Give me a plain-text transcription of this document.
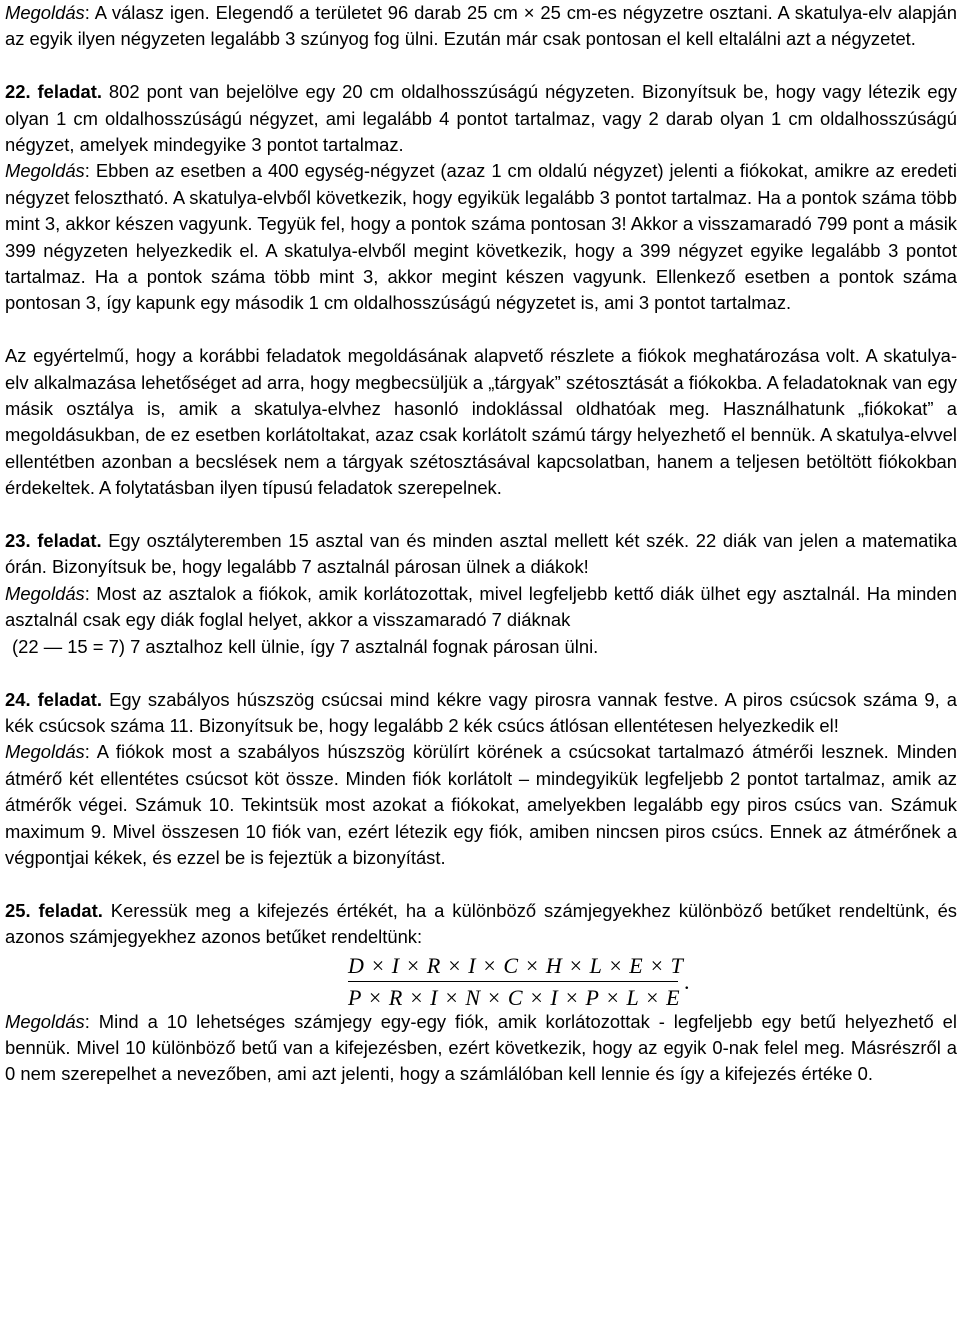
Megoldás: A válasz igen. Elegendő a területet 96 darab 25 cm × 25 cm-es négyzetre osztani. A skatulya-elv alapján az egyik ilyen négyzeten legalább 3 szúnyog fog ülni. Ezután már csak pontosan el kell eltalálni azt a négyzetet.

22. feladat. 802 pont van bejelölve egy 20 cm oldalhosszúságú négyzeten. Bizonyítsuk be, hogy vagy létezik egy olyan 1 cm oldalhosszúságú négyzet, ami legalább 4 pontot tartalmaz, vagy 2 darab olyan 1 cm oldalhosszúságú négyzet, amelyek mindegyike 3 pontot tartalmaz.

Megoldás: Ebben az esetben a 400 egység-négyzet (azaz 1 cm oldalú négyzet) jelenti a fiókokat, amikre az eredeti négyzet felosztható. A skatulya-elvből következik, hogy egyikük legalább 3 pontot tartalmaz. Ha a pontok száma több mint 3, akkor készen vagyunk. Tegyük fel, hogy a pontok száma pontosan 3! Akkor a visszamaradó 799 pont a másik 399 négyzeten helyezkedik el. A skatulya-elvből megint következik, hogy a 399 négyzet egyike legalább 3 pontot tartalmaz. Ha a pontok száma több mint 3, akkor megint készen vagyunk. Ellenkező esetben a pontok száma pontosan 3, így kapunk egy második 1 cm oldalhosszúságú négyzetet is, ami 3 pontot tartalmaz.

Az egyértelmű, hogy a korábbi feladatok megoldásának alapvető részlete a fiókok meghatározása volt. A skatulya-elv alkalmazása lehetőséget ad arra, hogy megbecsüljük a „tárgyak” szétosztását a fiókokba. A feladatoknak van egy másik osztálya is, amik a skatulya-elvhez hasonló indoklással oldhatóak meg. Használhatunk „fiókokat” a megoldásukban, de ez esetben korlátoltakat, azaz csak korlátolt számú tárgy helyezhető el bennük. A skatulya-elvvel ellentétben azonban a becslések nem a tárgyak szétosztásával kapcsolatban, hanem a teljesen betöltött fiókokban érdekeltek. A folytatásban ilyen típusú feladatok szerepelnek.

23. feladat. Egy osztályteremben 15 asztal van és minden asztal mellett két szék. 22 diák van jelen a matematika órán. Bizonyítsuk be, hogy legalább 7 asztalnál párosan ülnek a diákok!

Megoldás: Most az asztalok a fiókok, amik korlátozottak, mivel legfeljebb kettő diák ülhet egy asztalnál. Ha minden asztalnál csak egy diák foglal helyet, akkor a visszamaradó 7 diáknak

(22 — 15 = 7) 7 asztalhoz kell ülnie, így 7 asztalnál fognak párosan ülni.

24. feladat. Egy szabályos húszszög csúcsai mind kékre vagy pirosra vannak festve. A piros csúcsok száma 9, a kék csúcsok száma 11. Bizonyítsuk be, hogy legalább 2 kék csúcs átlósan ellentétesen helyezkedik el!

Megoldás: A fiókok most a szabályos húszszög körülírt körének a csúcsokat tartalmazó átmérői lesznek. Minden átmérő két ellentétes csúcsot köt össze. Minden fiók korlátolt – mindegyikük legfeljebb 2 pontot tartalmaz, amik az átmérők végei. Számuk 10. Tekintsük most azokat a fiókokat, amelyekben legalább egy piros csúcs van. Számuk maximum 9. Mivel összesen 10 fiók van, ezért létezik egy fiók, amiben nincsen piros csúcs. Ennek az átmérőnek a végpontjai kékek, és ezzel be is fejeztük a bizonyítást.

25. feladat. Keressük meg a kifejezés értékét, ha a különböző számjegyekhez különböző betűket rendeltünk, és azonos számjegyekhez azonos betűket rendeltünk:

D × I × R × I × C × H × L × E × T
P × R × I × N × C × I × P × L × E
.

Megoldás: Mind a 10 lehetséges számjegy egy-egy fiók, amik korlátozottak - legfeljebb egy betű helyezhető el bennük. Mivel 10 különböző betű van a kifejezésben, ezért következik, hogy az egyik 0-nak felel meg. Másrészről a 0 nem szerepelhet a nevezőben, ami azt jelenti, hogy a számlálóban kell lennie és így a kifejezés értéke 0.
